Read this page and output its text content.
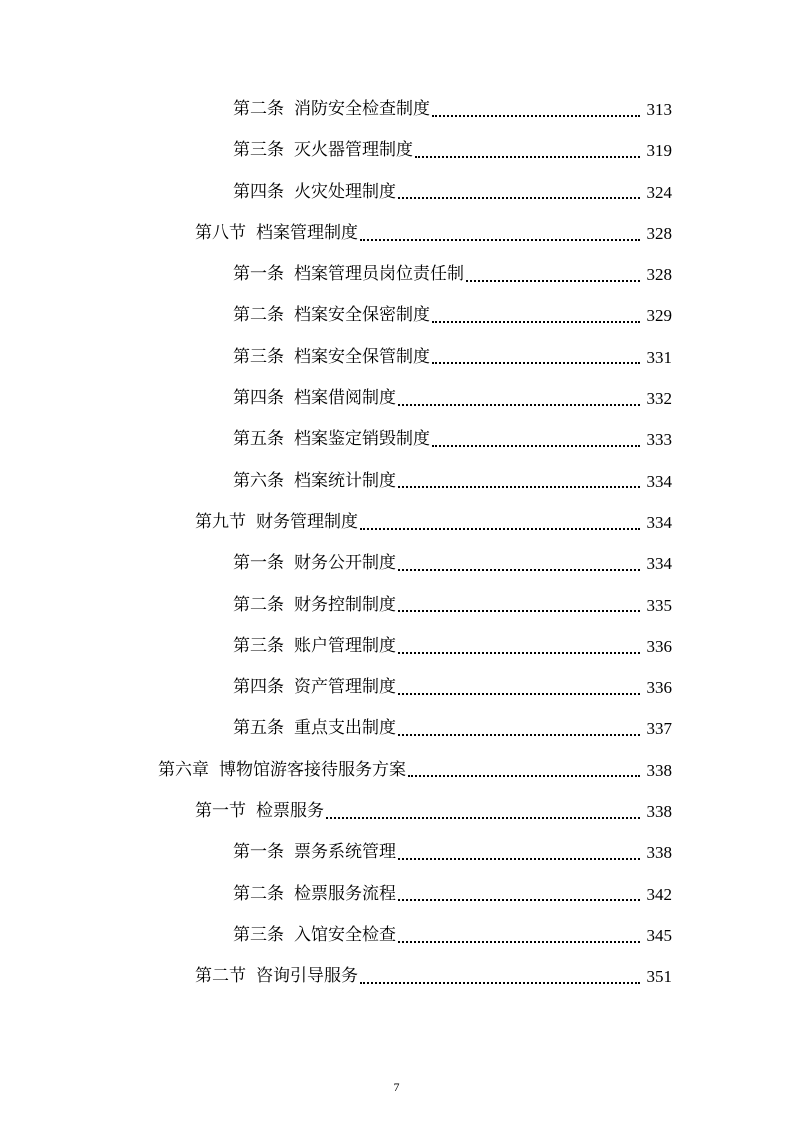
第二条 消防安全检查制度	313
第三条 灭火器管理制度	319
第四条 火灾处理制度	324
第八节 档案管理制度	328
第一条 档案管理员岗位责任制	328
第二条 档案安全保密制度	329
第三条 档案安全保管制度	331
第四条 档案借阅制度	332
第五条 档案鉴定销毁制度	333
第六条 档案统计制度	334
第九节 财务管理制度	334
第一条 财务公开制度	334
第二条 财务控制制度	335
第三条 账户管理制度	336
第四条 资产管理制度	336
第五条 重点支出制度	337
第六章 博物馆游客接待服务方案	338
第一节 检票服务	338
第一条 票务系统管理	338
第二条 检票服务流程	342
第三条 入馆安全检查	345
第二节 咨询引导服务	351
7
